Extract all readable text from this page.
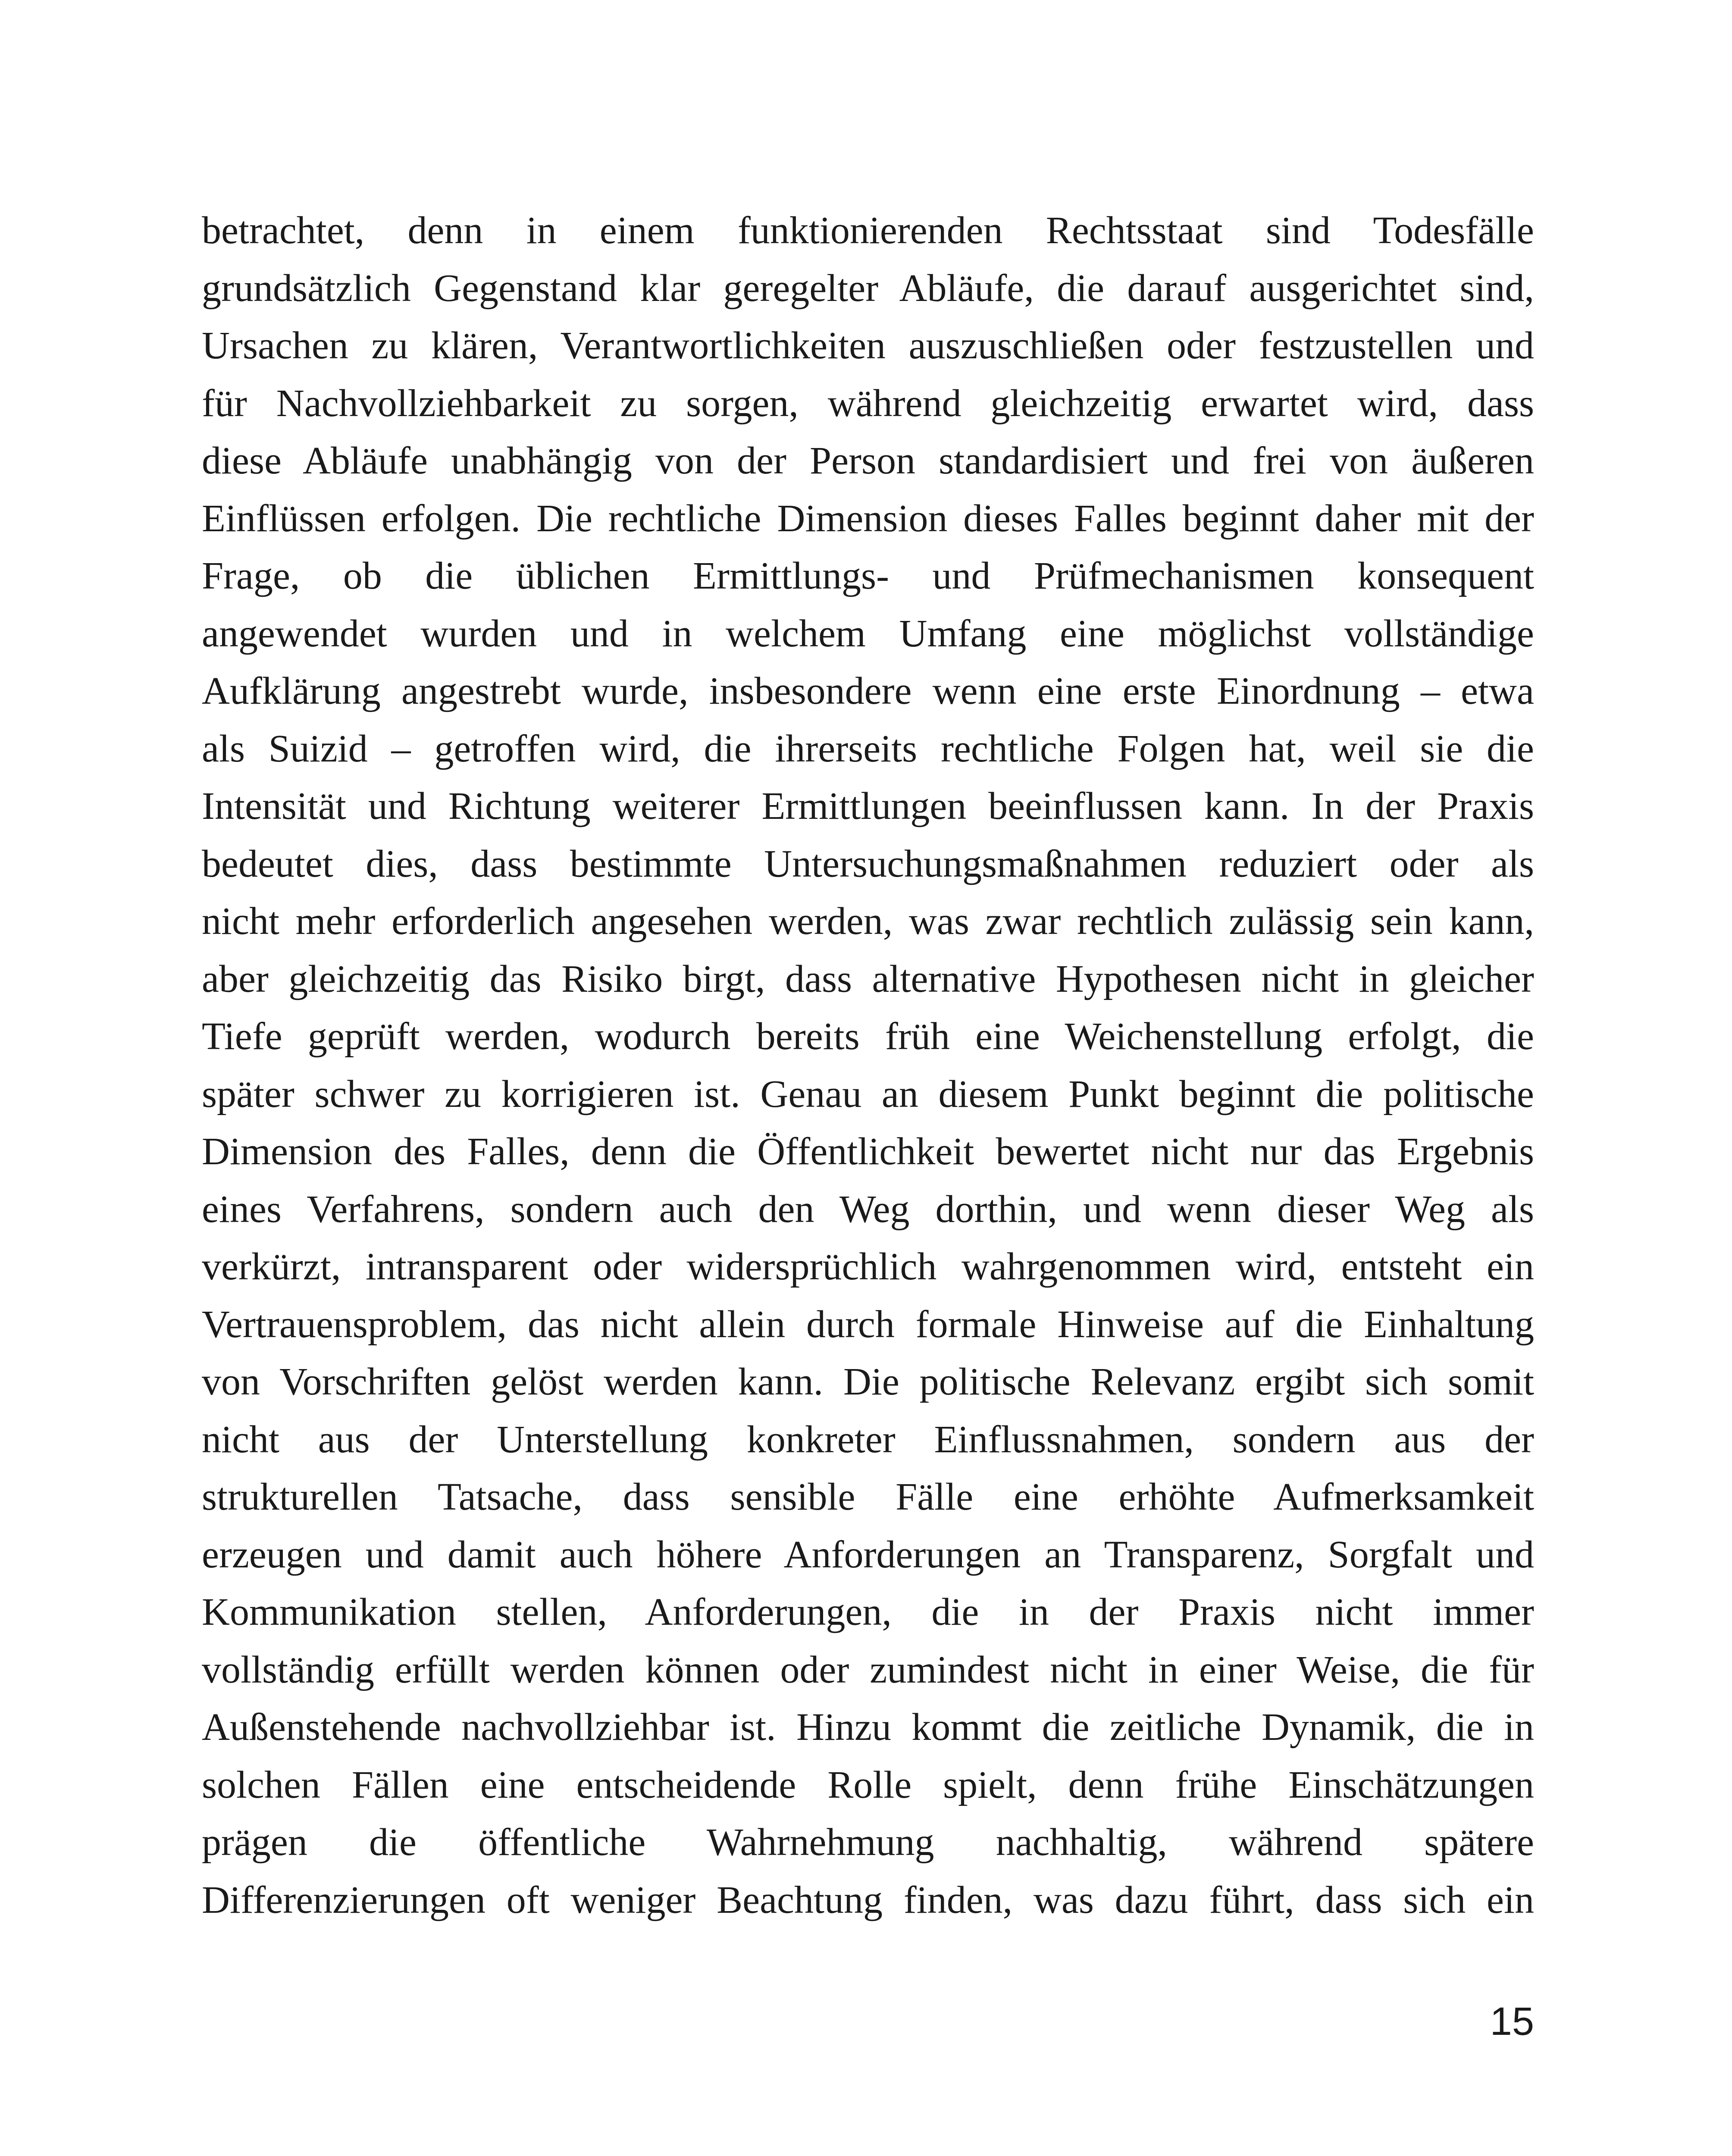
betrachtet, denn in einem funktionierenden Rechtsstaat sind Todesfälle
grundsätzlich Gegenstand klar geregelter Abläufe, die darauf ausgerichtet sind,
Ursachen zu klären, Verantwortlichkeiten auszuschließen oder festzustellen und
für Nachvollziehbarkeit zu sorgen, während gleichzeitig erwartet wird, dass
diese Abläufe unabhängig von der Person standardisiert und frei von äußeren
Einflüssen erfolgen. Die rechtliche Dimension dieses Falles beginnt daher mit der
Frage, ob die üblichen Ermittlungs- und Prüfmechanismen konsequent
angewendet wurden und in welchem Umfang eine möglichst vollständige
Aufklärung angestrebt wurde, insbesondere wenn eine erste Einordnung – etwa
als Suizid – getroffen wird, die ihrerseits rechtliche Folgen hat, weil sie die
Intensität und Richtung weiterer Ermittlungen beeinflussen kann. In der Praxis
bedeutet dies, dass bestimmte Untersuchungsmaßnahmen reduziert oder als
nicht mehr erforderlich angesehen werden, was zwar rechtlich zulässig sein kann,
aber gleichzeitig das Risiko birgt, dass alternative Hypothesen nicht in gleicher
Tiefe geprüft werden, wodurch bereits früh eine Weichenstellung erfolgt, die
später schwer zu korrigieren ist. Genau an diesem Punkt beginnt die politische
Dimension des Falles, denn die Öffentlichkeit bewertet nicht nur das Ergebnis
eines Verfahrens, sondern auch den Weg dorthin, und wenn dieser Weg als
verkürzt, intransparent oder widersprüchlich wahrgenommen wird, entsteht ein
Vertrauensproblem, das nicht allein durch formale Hinweise auf die Einhaltung
von Vorschriften gelöst werden kann. Die politische Relevanz ergibt sich somit
nicht aus der Unterstellung konkreter Einflussnahmen, sondern aus der
strukturellen Tatsache, dass sensible Fälle eine erhöhte Aufmerksamkeit
erzeugen und damit auch höhere Anforderungen an Transparenz, Sorgfalt und
Kommunikation stellen, Anforderungen, die in der Praxis nicht immer
vollständig erfüllt werden können oder zumindest nicht in einer Weise, die für
Außenstehende nachvollziehbar ist. Hinzu kommt die zeitliche Dynamik, die in
solchen Fällen eine entscheidende Rolle spielt, denn frühe Einschätzungen
prägen die öffentliche Wahrnehmung nachhaltig, während spätere
Differenzierungen oft weniger Beachtung finden, was dazu führt, dass sich ein
15
